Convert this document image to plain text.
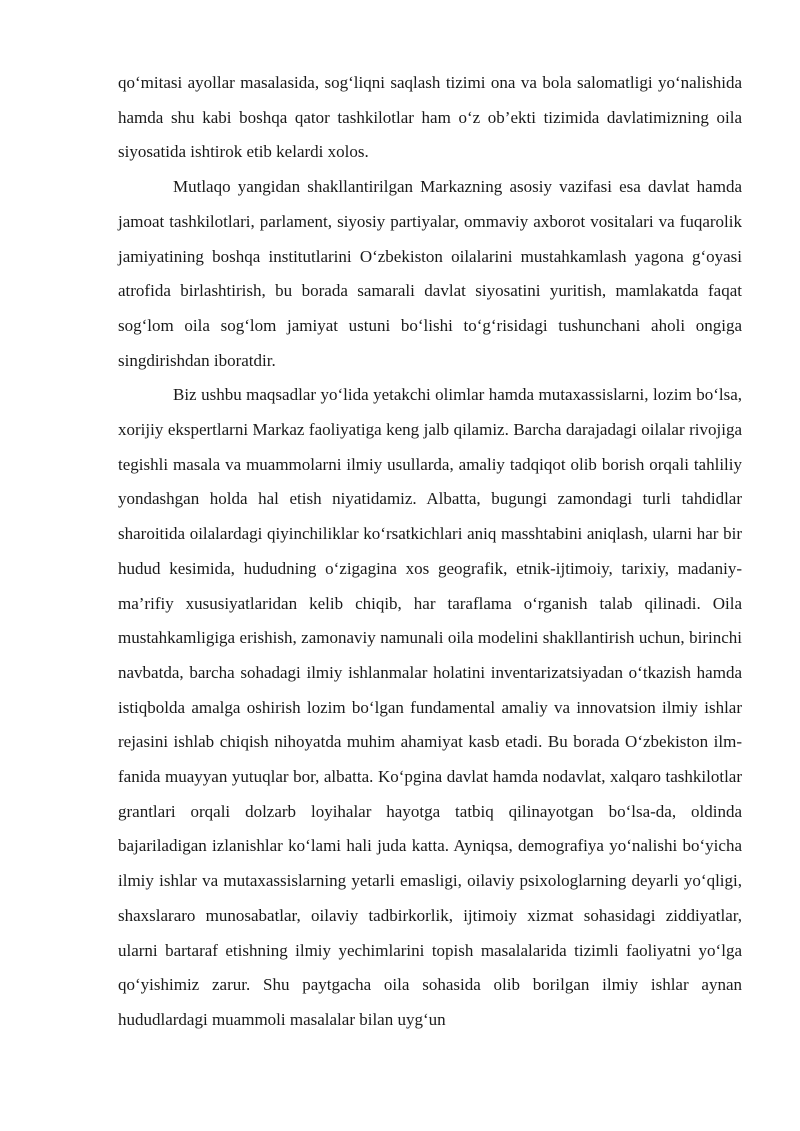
qo‘mitasi ayollar masalasida, sog‘liqni saqlash tizimi ona va bola salomatligi yo‘nalishida hamda shu kabi boshqa qator tashkilotlar ham o‘z ob’ekti tizimida davlatimizning oila siyosatida ishtirok etib kelardi xolos.

Mutlaqo yangidan shakllantirilgan Markazning asosiy vazifasi esa davlat hamda jamoat tashkilotlari, parlament, siyosiy partiyalar, ommaviy axborot vositalari va fuqarolik jamiyatining boshqa institutlarini O‘zbekiston oilalarini mustahkamlash yagona g‘oyasi atrofida birlashtirish, bu borada samarali davlat siyosatini yuritish, mamlakatda faqat sog‘lom oila sog‘lom jamiyat ustuni bo‘lishi to‘g‘risidagi tushunchani aholi ongiga singdirishdan iboratdir.

Biz ushbu maqsadlar yo‘lida yetakchi olimlar hamda mutaxassislarni, lozim bo‘lsa, xorijiy ekspertlarni Markaz faoliyatiga keng jalb qilamiz. Barcha darajadagi oilalar rivojiga tegishli masala va muammolarni ilmiy usullarda, amaliy tadqiqot olib borish orqali tahliliy yondashgan holda hal etish niyatidamiz. Albatta, bugungi zamondagi turli tahdidlar sharoitida oilalardagi qiyinchiliklar ko‘rsatkichlari aniq masshtabini aniqlash, ularni har bir hudud kesimida, hududning o‘zigagina xos geografik, etnik-ijtimoiy, tarixiy, madaniy-ma’rifiy xususiyatlaridan kelib chiqib, har taraflama o‘rganish talab qilinadi. Oila mustahkamligiga erishish, zamonaviy namunali oila modelini shakllantirish uchun, birinchi navbatda, barcha sohadagi ilmiy ishlanmalar holatini inventarizatsiyadan o‘tkazish hamda istiqbolda amalga oshirish lozim bo‘lgan fundamental amaliy va innovatsion ilmiy ishlar rejasini ishlab chiqish nihoyatda muhim ahamiyat kasb etadi. Bu borada O‘zbekiston ilm-fanida muayyan yutuqlar bor, albatta. Ko‘pgina davlat hamda nodavlat, xalqaro tashkilotlar grantlari orqali dolzarb loyihalar hayotga tatbiq qilinayotgan bo‘lsa-da, oldinda bajariladigan izlanishlar ko‘lami hali juda katta. Ayniqsa, demografiya yo‘nalishi bo‘yicha ilmiy ishlar va mutaxassislarning yetarli emasligi, oilaviy psixologlarning deyarli yo‘qligi, shaxslararo munosabatlar, oilaviy tadbirkorlik, ijtimoiy xizmat sohasidagi ziddiyatlar, ularni bartaraf etishning ilmiy yechimlarini topish masalalarida tizimli faoliyatni yo‘lga qo‘yishimiz zarur. Shu paytgacha oila sohasida olib borilgan ilmiy ishlar aynan hududlardagi muammoli masalalar bilan uyg‘un
